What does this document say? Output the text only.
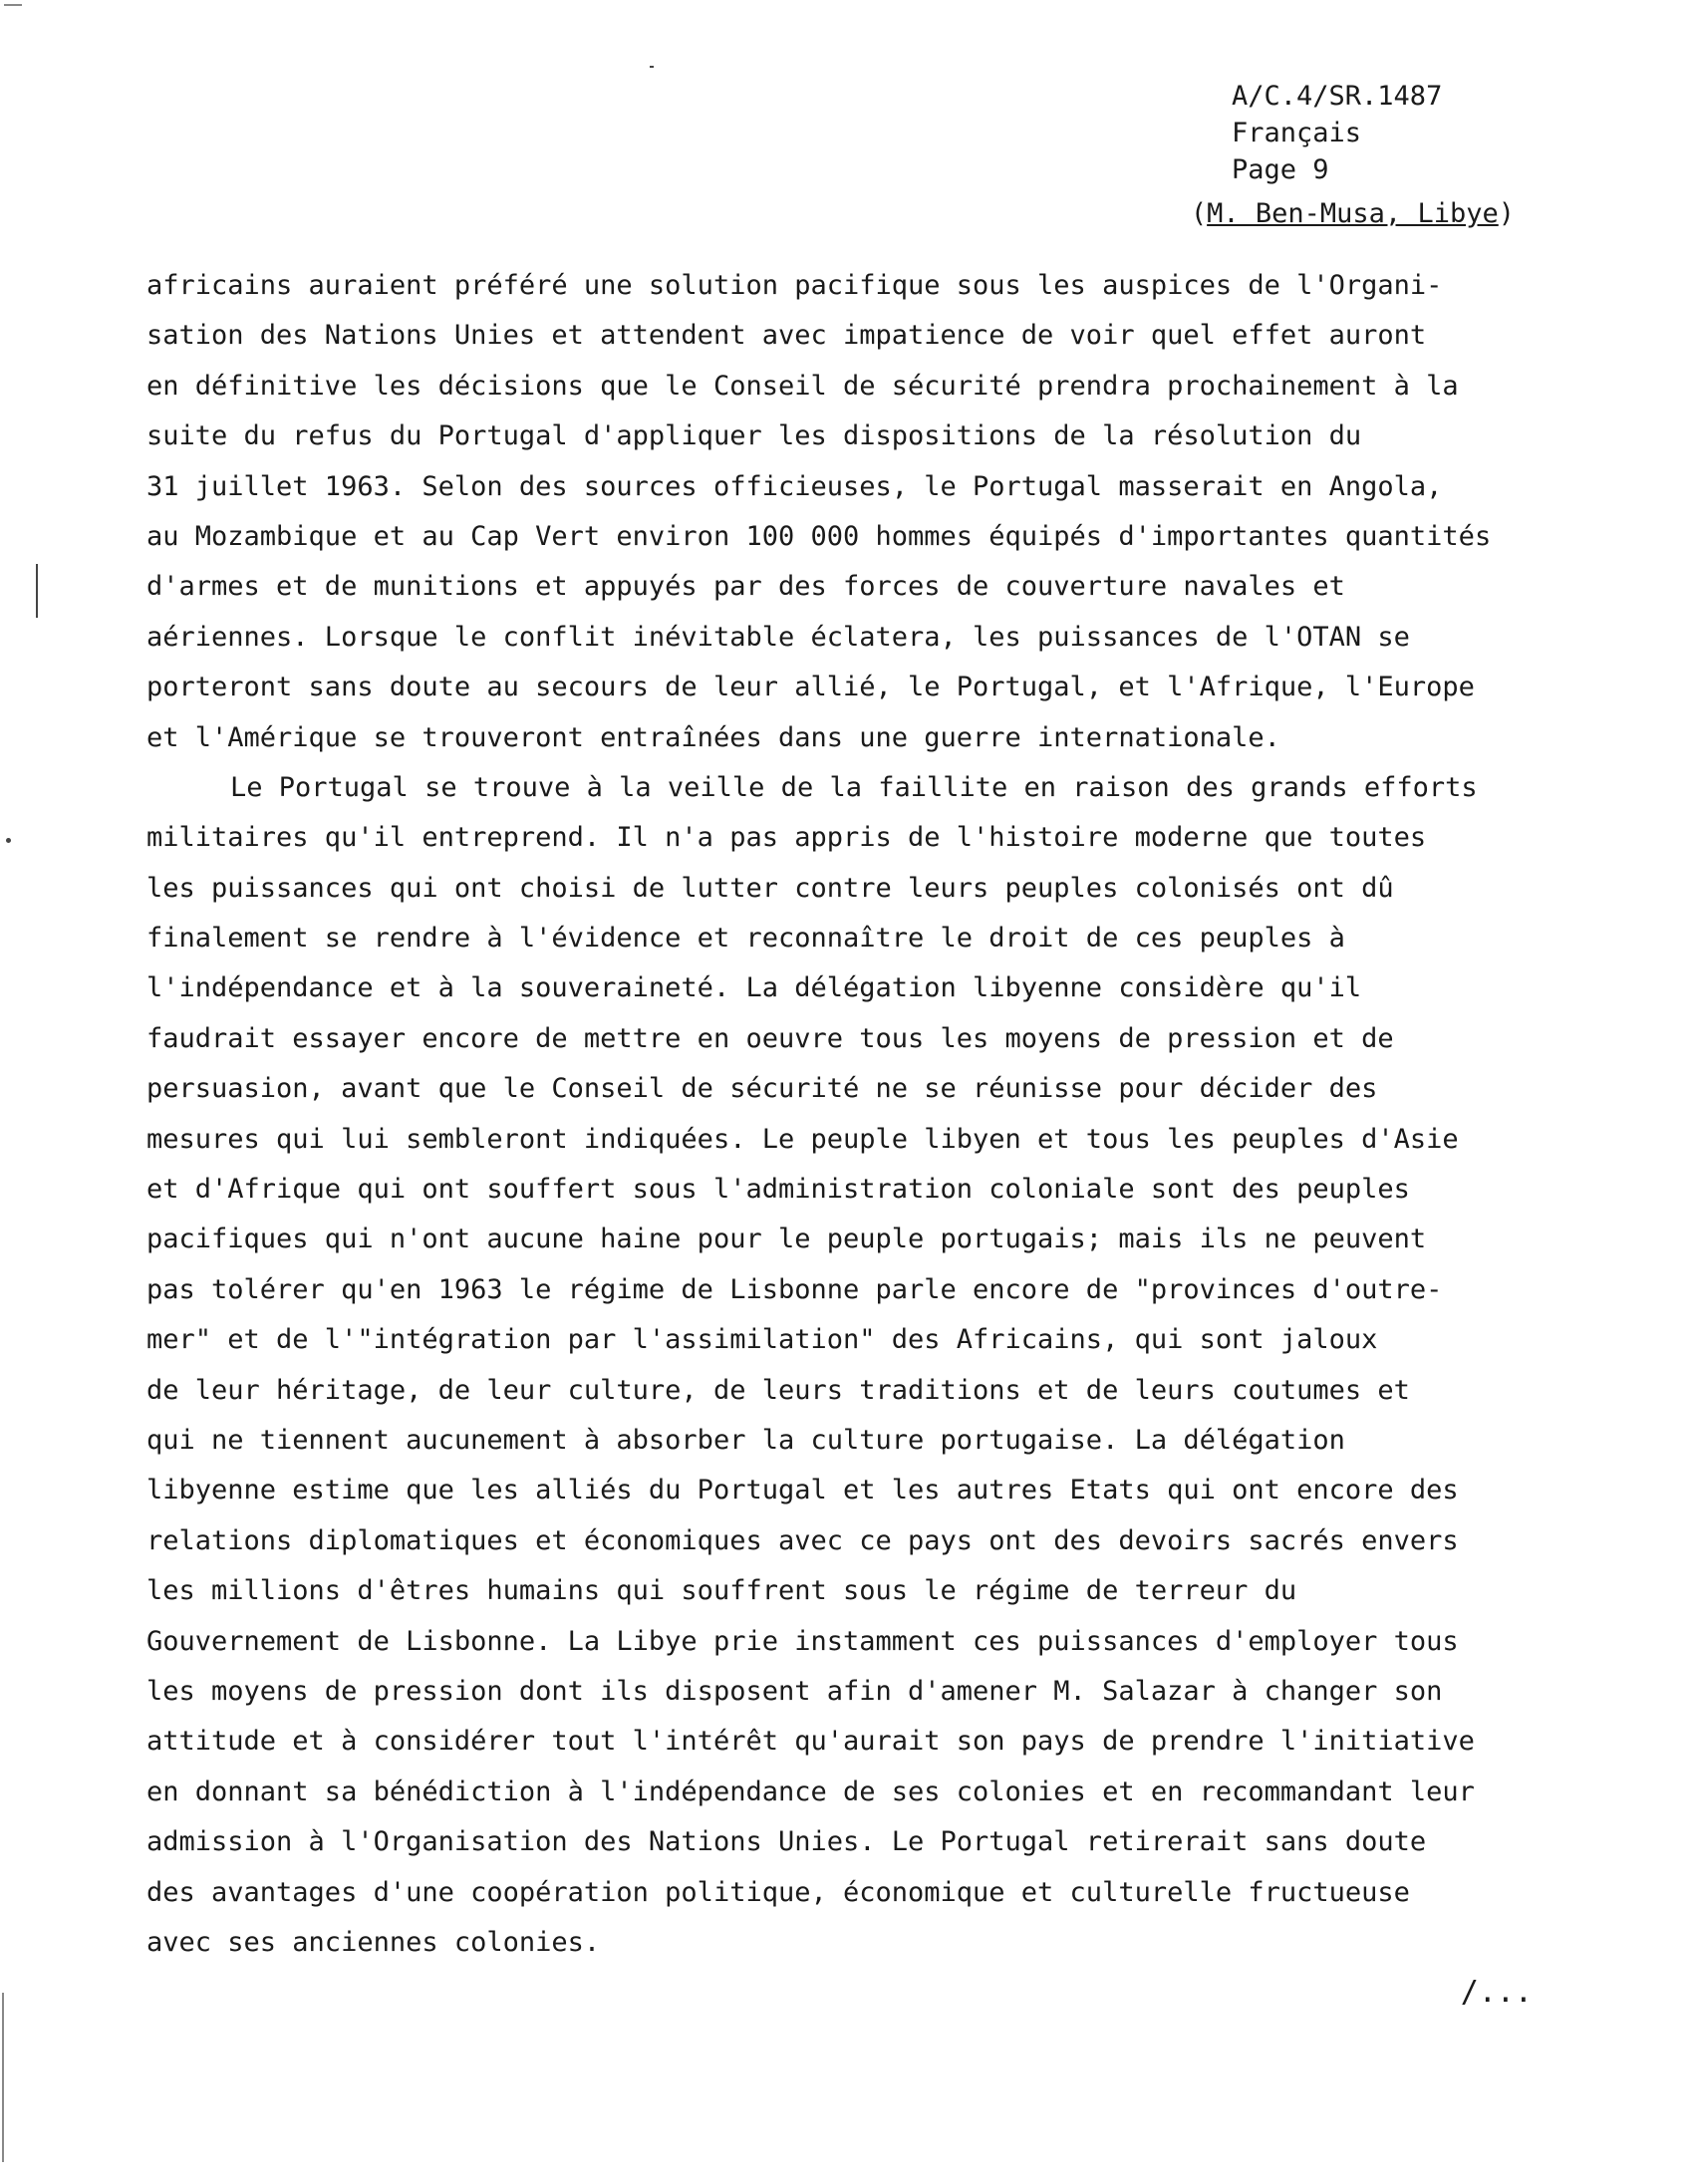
A/C.4/SR.1487
Français
Page 9
(M. Ben-Musa, Libye)
africains auraient préféré une solution pacifique sous les auspices de l'Organi-
sation des Nations Unies et attendent avec impatience de voir quel effet auront
en définitive les décisions que le Conseil de sécurité prendra prochainement à la
suite du refus du Portugal d'appliquer les dispositions de la résolution du
31 juillet 1963. Selon des sources officieuses, le Portugal masserait en Angola,
au Mozambique et au Cap Vert environ 100 000 hommes équipés d'importantes quantités
d'armes et de munitions et appuyés par des forces de couverture navales et
aériennes. Lorsque le conflit inévitable éclatera, les puissances de l'OTAN se
porteront sans doute au secours de leur allié, le Portugal, et l'Afrique, l'Europe
et l'Amérique se trouveront entraînées dans une guerre internationale.
Le Portugal se trouve à la veille de la faillite en raison des grands efforts
militaires qu'il entreprend. Il n'a pas appris de l'histoire moderne que toutes
les puissances qui ont choisi de lutter contre leurs peuples colonisés ont dû
finalement se rendre à l'évidence et reconnaître le droit de ces peuples à
l'indépendance et à la souveraineté. La délégation libyenne considère qu'il
faudrait essayer encore de mettre en oeuvre tous les moyens de pression et de
persuasion, avant que le Conseil de sécurité ne se réunisse pour décider des
mesures qui lui sembleront indiquées. Le peuple libyen et tous les peuples d'Asie
et d'Afrique qui ont souffert sous l'administration coloniale sont des peuples
pacifiques qui n'ont aucune haine pour le peuple portugais; mais ils ne peuvent
pas tolérer qu'en 1963 le régime de Lisbonne parle encore de "provinces d'outre-
mer" et de l'"intégration par l'assimilation" des Africains, qui sont jaloux
de leur héritage, de leur culture, de leurs traditions et de leurs coutumes et
qui ne tiennent aucunement à absorber la culture portugaise. La délégation
libyenne estime que les alliés du Portugal et les autres Etats qui ont encore des
relations diplomatiques et économiques avec ce pays ont des devoirs sacrés envers
les millions d'êtres humains qui souffrent sous le régime de terreur du
Gouvernement de Lisbonne. La Libye prie instamment ces puissances d'employer tous
les moyens de pression dont ils disposent afin d'amener M. Salazar à changer son
attitude et à considérer tout l'intérêt qu'aurait son pays de prendre l'initiative
en donnant sa bénédiction à l'indépendance de ses colonies et en recommandant leur
admission à l'Organisation des Nations Unies. Le Portugal retirerait sans doute
des avantages d'une coopération politique, économique et culturelle fructueuse
avec ses anciennes colonies.
/...
